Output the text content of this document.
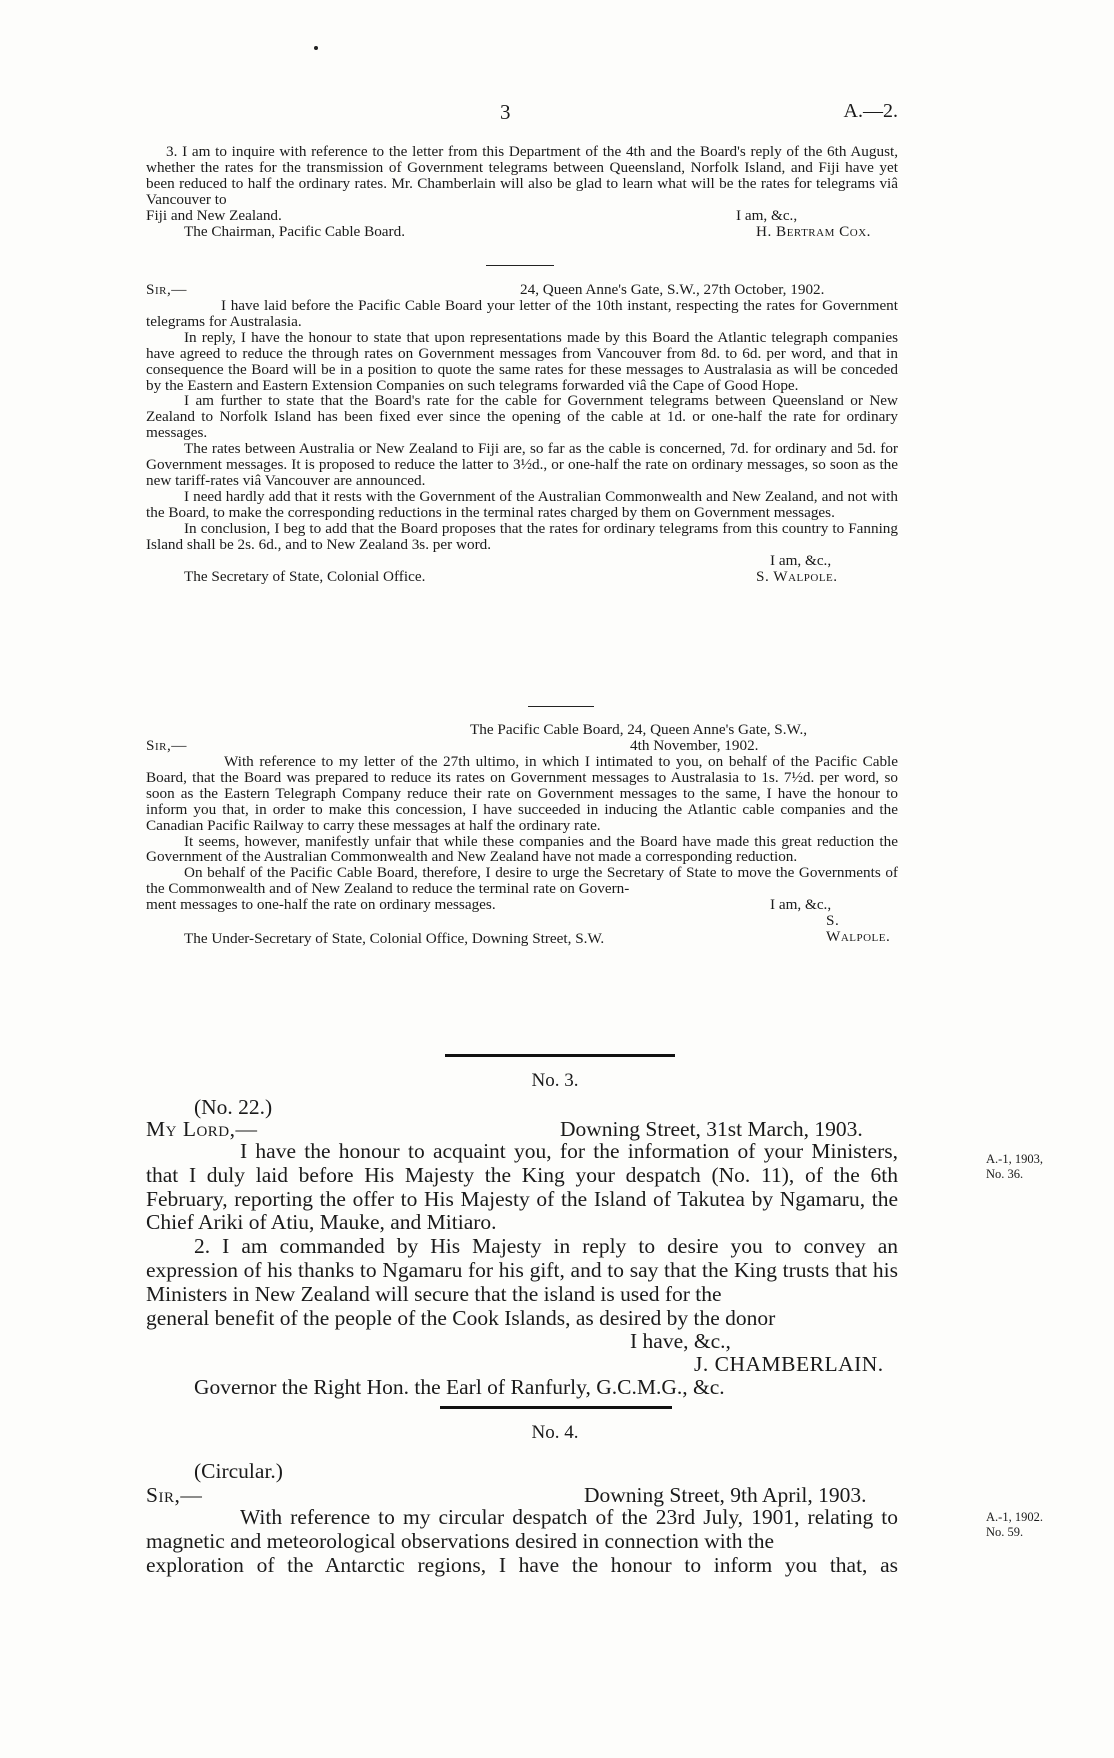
3	A.—2.

3. I am to inquire with reference to the letter from this Department of the 4th and the Board's reply of the 6th August, whether the rates for the transmission of Government telegrams between Queensland, Norfolk Island, and Fiji have yet been reduced to half the ordinary rates. Mr. Chamberlain will also be glad to learn what will be the rates for telegrams viâ Vancouver to

Fiji and New Zealand.	I am, &c.,
The Chairman, Pacific Cable Board.	H. Bertram Cox.
Sir,—	24, Queen Anne's Gate, S.W., 27th October, 1902.

I have laid before the Pacific Cable Board your letter of the 10th instant, respecting the rates for Government telegrams for Australasia.

In reply, I have the honour to state that upon representations made by this Board the Atlantic telegraph companies have agreed to reduce the through rates on Government messages from Vancouver from 8d. to 6d. per word, and that in consequence the Board will be in a position to quote the same rates for these messages to Australasia as will be conceded by the Eastern and Eastern Extension Companies on such telegrams forwarded viâ the Cape of Good Hope.

I am further to state that the Board's rate for the cable for Government telegrams between Queensland or New Zealand to Norfolk Island has been fixed ever since the opening of the cable at 1d. or one-half the rate for ordinary messages.

The rates between Australia or New Zealand to Fiji are, so far as the cable is concerned, 7d. for ordinary and 5d. for Government messages. It is proposed to reduce the latter to 3½d., or one-half the rate on ordinary messages, so soon as the new tariff-rates viâ Vancouver are announced.

I need hardly add that it rests with the Government of the Australian Commonwealth and New Zealand, and not with the Board, to make the corresponding reductions in the terminal rates charged by them on Government messages.

In conclusion, I beg to add that the Board proposes that the rates for ordinary telegrams from this country to Fanning Island shall be 2s. 6d., and to New Zealand 3s. per word.

I am, &c.,
The Secretary of State, Colonial Office.	S. Walpole.
The Pacific Cable Board, 24, Queen Anne's Gate, S.W.,
Sir,—	4th November, 1902.

With reference to my letter of the 27th ultimo, in which I intimated to you, on behalf of the Pacific Cable Board, that the Board was prepared to reduce its rates on Government messages to Australasia to 1s. 7½d. per word, so soon as the Eastern Telegraph Company reduce their rate on Government messages to the same, I have the honour to inform you that, in order to make this concession, I have succeeded in inducing the Atlantic cable companies and the Canadian Pacific Railway to carry these messages at half the ordinary rate.

It seems, however, manifestly unfair that while these companies and the Board have made this great reduction the Government of the Australian Commonwealth and New Zealand have not made a corresponding reduction.

On behalf of the Pacific Cable Board, therefore, I desire to urge the Secretary of State to move the Governments of the Commonwealth and of New Zealand to reduce the terminal rate on Govern-

ment messages to one-half the rate on ordinary messages.	I am, &c.,
S. Walpole.
The Under-Secretary of State, Colonial Office, Downing Street, S.W.
No. 3.
(No. 22.)
My Lord,—	Downing Street, 31st March, 1903.

I have the honour to acquaint you, for the information of your Ministers, that I duly laid before His Majesty the King your despatch (No. 11), of the 6th February, reporting the offer to His Majesty of the Island of Takutea by Ngamaru, the Chief Ariki of Atiu, Mauke, and Mitiaro.

2. I am commanded by His Majesty in reply to desire you to convey an expression of his thanks to Ngamaru for his gift, and to say that the King trusts that his Ministers in New Zealand will secure that the island is used for the

general benefit of the people of the Cook Islands, as desired by the donor

I have, &c.,
J. CHAMBERLAIN.
Governor the Right Hon. the Earl of Ranfurly, G.C.M.G., &c.
A.-1, 1903,
No. 36.
No. 4.
(Circular.)
Sir,—	Downing Street, 9th April, 1903.

With reference to my circular despatch of the 23rd July, 1901, relating to magnetic and meteorological observations desired in connection with the

exploration of the Antarctic regions, I have the honour to inform you that, as

A.-1, 1902.
No. 59.
